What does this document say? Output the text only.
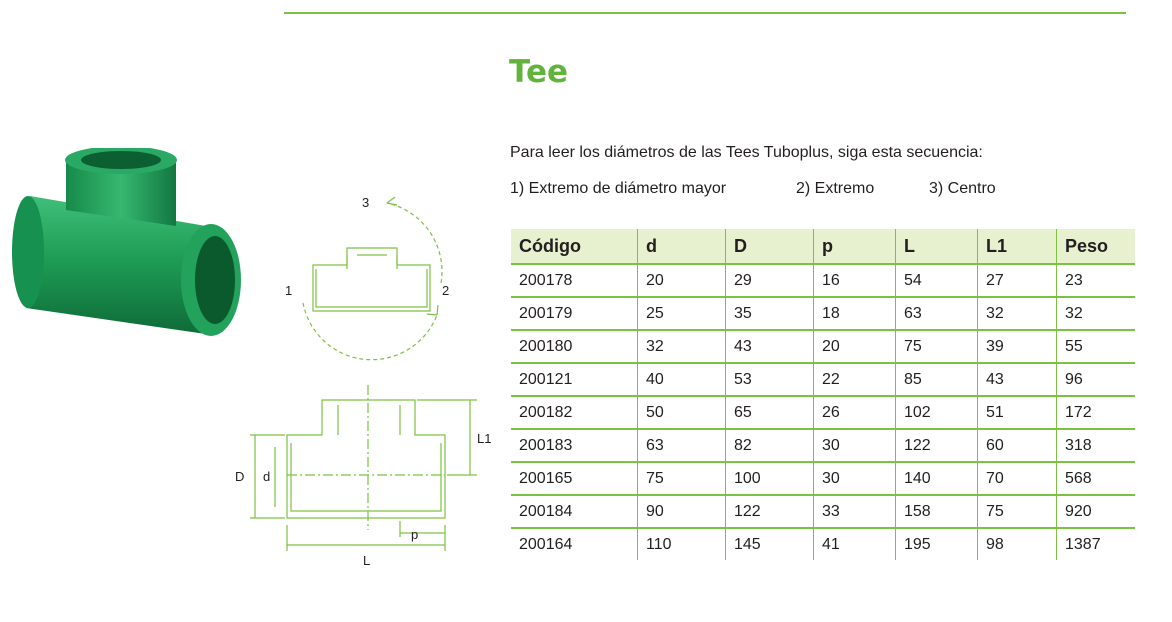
Tee
Para leer los diámetros de las Tees Tuboplus, siga esta secuencia:
1) Extremo de diámetro mayor	2) Extremo	3) Centro
3
1	2
D d
L1
p
L
Código	d	D	p	L	L1	Peso
200178	20	29	16	54	27	23
200179	25	35	18	63	32	32
200180	32	43	20	75	39	55
200121	40	53	22	85	43	96
200182	50	65	26	102	51	172
200183	63	82	30	122	60	318
200165	75	100	30	140	70	568
200184	90	122	33	158	75	920
200164	110	145	41	195	98	1387
